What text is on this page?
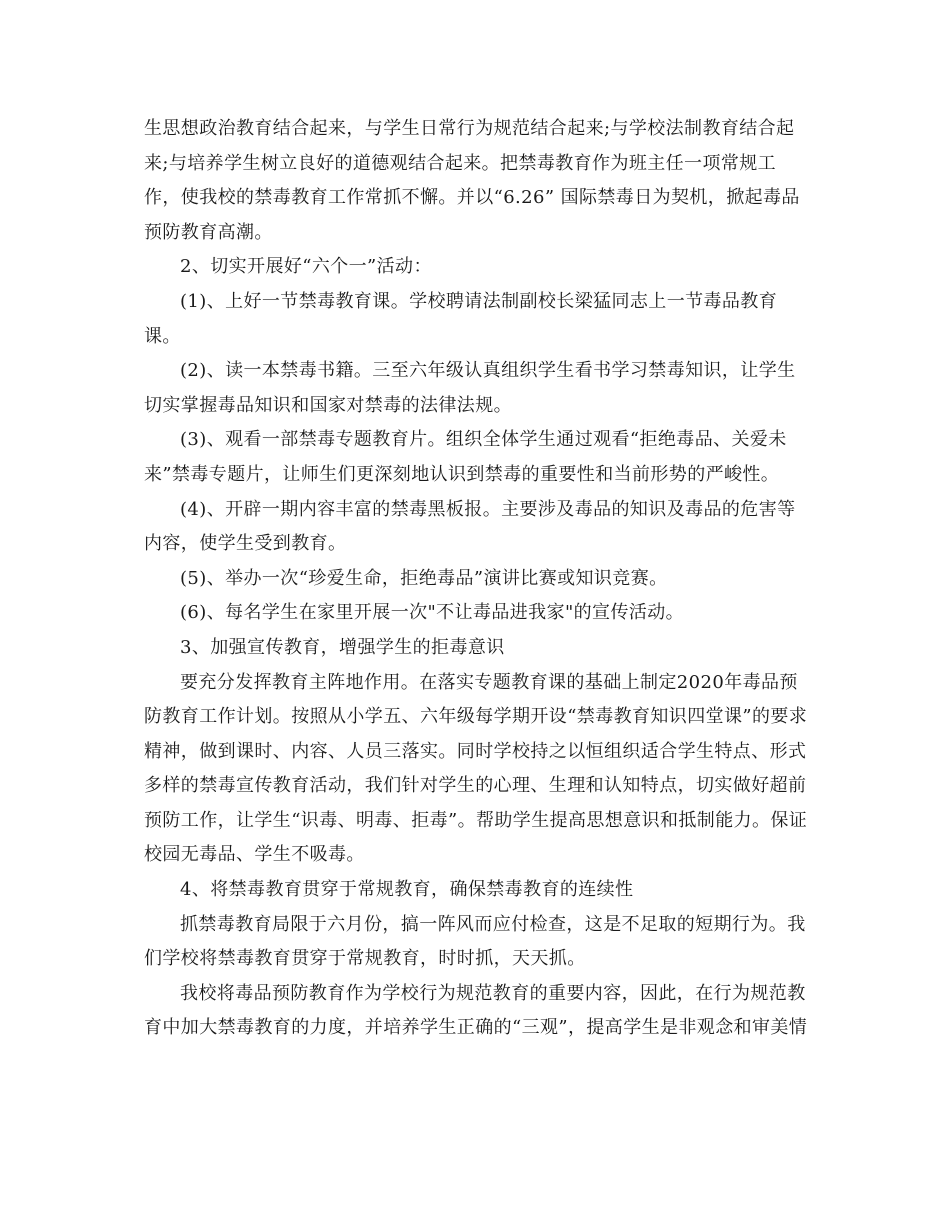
生思想政治教育结合起来，与学生日常行为规范结合起来;与学校法制教育结合起
来;与培养学生树立良好的道德观结合起来。把禁毒教育作为班主任一项常规工
作，使我校的禁毒教育工作常抓不懈。并以“6.26” 国际禁毒日为契机，掀起毒品
预防教育高潮。
2、切实开展好“六个一”活动：
(1)、上好一节禁毒教育课。学校聘请法制副校长梁猛同志上一节毒品教育
课。
(2)、读一本禁毒书籍。三至六年级认真组织学生看书学习禁毒知识，让学生
切实掌握毒品知识和国家对禁毒的法律法规。
(3)、观看一部禁毒专题教育片。组织全体学生通过观看“拒绝毒品、关爱未
来”禁毒专题片，让师生们更深刻地认识到禁毒的重要性和当前形势的严峻性。
(4)、开辟一期内容丰富的禁毒黑板报。主要涉及毒品的知识及毒品的危害等
内容，使学生受到教育。
(5)、举办一次“珍爱生命，拒绝毒品”演讲比赛或知识竞赛。
(6)、每名学生在家里开展一次"不让毒品进我家"的宣传活动。
3、加强宣传教育，增强学生的拒毒意识
要充分发挥教育主阵地作用。在落实专题教育课的基础上制定2020年毒品预
防教育工作计划。按照从小学五、六年级每学期开设“禁毒教育知识四堂课”的要求
精神，做到课时、内容、人员三落实。同时学校持之以恒组织适合学生特点、形式
多样的禁毒宣传教育活动，我们针对学生的心理、生理和认知特点，切实做好超前
预防工作，让学生“识毒、明毒、拒毒”。帮助学生提高思想意识和抵制能力。保证
校园无毒品、学生不吸毒。
4、将禁毒教育贯穿于常规教育，确保禁毒教育的连续性
抓禁毒教育局限于六月份，搞一阵风而应付检查，这是不足取的短期行为。我
们学校将禁毒教育贯穿于常规教育，时时抓，天天抓。
我校将毒品预防教育作为学校行为规范教育的重要内容，因此，在行为规范教
育中加大禁毒教育的力度，并培养学生正确的“三观”，提高学生是非观念和审美情
